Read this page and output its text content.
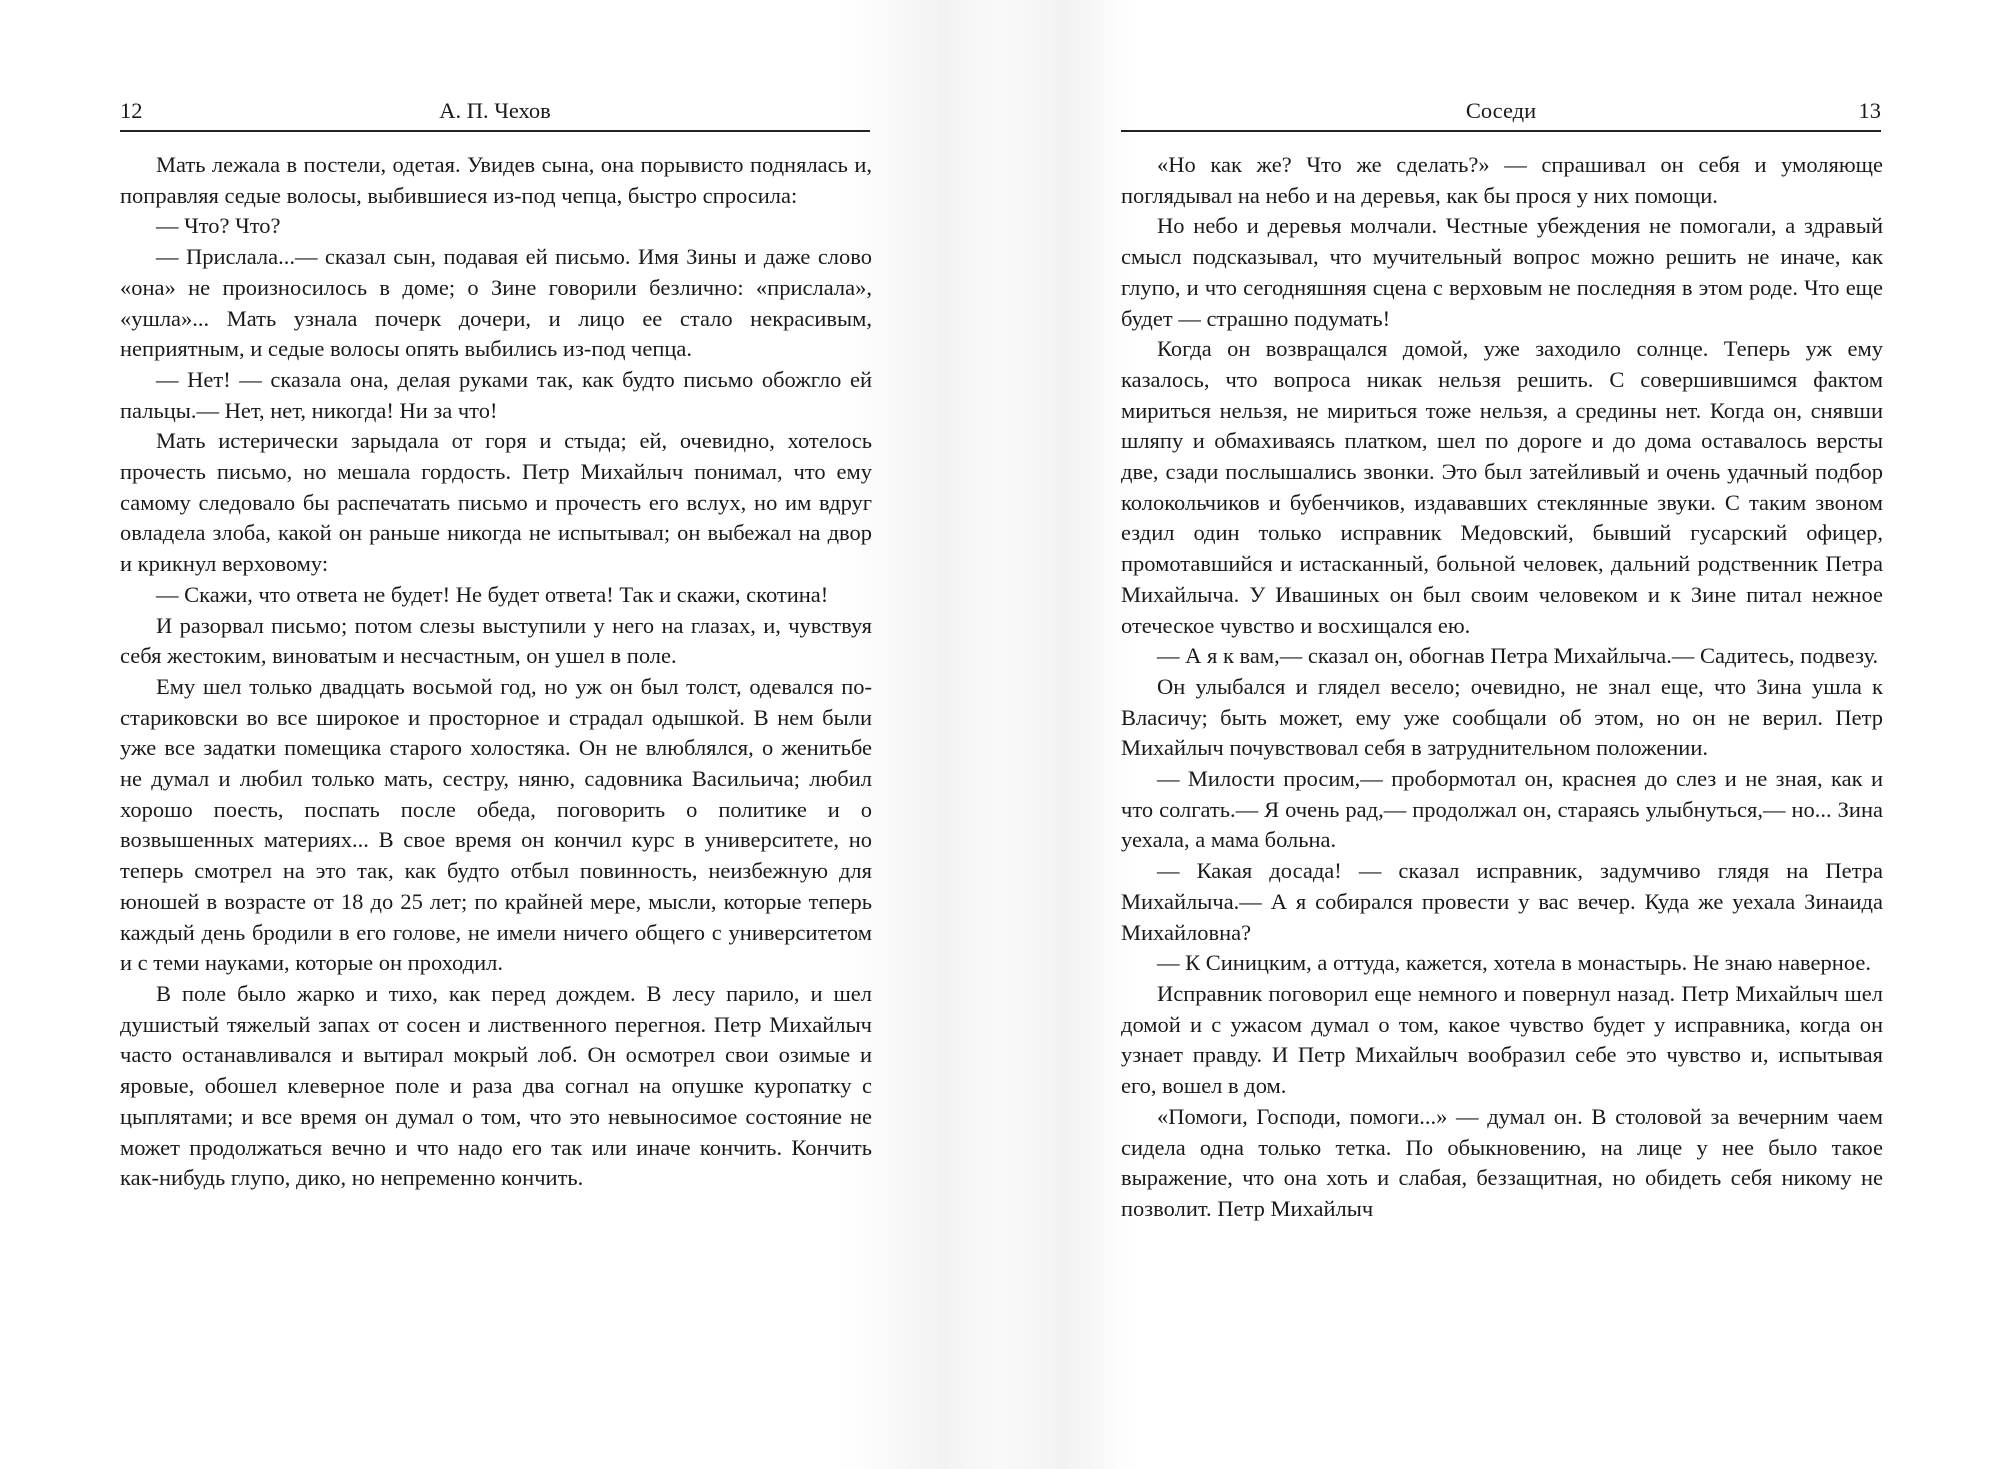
12	А. П. Чехов

Мать лежала в постели, одетая. Увидев сына, она порывисто поднялась и, поправляя седые волосы, выбившиеся из-под чепца, быстро спросила:

— Что? Что?

— Прислала...— сказал сын, подавая ей письмо. Имя Зины и даже слово «она» не произносилось в доме; о Зине говорили безлично: «прислала», «ушла»... Мать узнала почерк дочери, и лицо ее стало некрасивым, неприятным, и седые волосы опять выбились из-под чепца.

— Нет! — сказала она, делая руками так, как будто письмо обожгло ей пальцы.— Нет, нет, никогда! Ни за что!

Мать истерически зарыдала от горя и стыда; ей, очевидно, хотелось прочесть письмо, но мешала гордость. Петр Михайлыч понимал, что ему самому следовало бы распечатать письмо и прочесть его вслух, но им вдруг овладела злоба, какой он раньше никогда не испытывал; он выбежал на двор и крикнул верховому:

— Скажи, что ответа не будет! Не будет ответа! Так и скажи, скотина!

И разорвал письмо; потом слезы выступили у него на глазах, и, чувствуя себя жестоким, виноватым и несчастным, он ушел в поле.

Ему шел только двадцать восьмой год, но уж он был толст, одевался по-стариковски во все широкое и просторное и страдал одышкой. В нем были уже все задатки помещика старого холостяка. Он не влюблялся, о женитьбе не думал и любил только мать, сестру, няню, садовника Васильича; любил хорошо поесть, поспать после обеда, поговорить о политике и о возвышенных материях... В свое время он кончил курс в университете, но теперь смотрел на это так, как будто отбыл повинность, неизбежную для юношей в возрасте от 18 до 25 лет; по крайней мере, мысли, которые теперь каждый день бродили в его голове, не имели ничего общего с университетом и с теми науками, которые он проходил.

В поле было жарко и тихо, как перед дождем. В лесу парило, и шел душистый тяжелый запах от сосен и лиственного перегноя. Петр Михайлыч часто останавливался и вытирал мокрый лоб. Он осмотрел свои озимые и яровые, обошел клеверное поле и раза два согнал на опушке куропатку с цыплятами; и все время он думал о том, что это невыносимое состояние не может продолжаться вечно и что надо его так или иначе кончить. Кончить как-нибудь глупо, дико, но непременно кончить.

Соседи	13

«Но как же? Что же сделать?» — спрашивал он себя и умоляюще поглядывал на небо и на деревья, как бы прося у них помощи.

Но небо и деревья молчали. Честные убеждения не помогали, а здравый смысл подсказывал, что мучительный вопрос можно решить не иначе, как глупо, и что сегодняшняя сцена с верховым не последняя в этом роде. Что еще будет — страшно подумать!

Когда он возвращался домой, уже заходило солнце. Теперь уж ему казалось, что вопроса никак нельзя решить. С совершившимся фактом мириться нельзя, не мириться тоже нельзя, а средины нет. Когда он, снявши шляпу и обмахиваясь платком, шел по дороге и до дома оставалось версты две, сзади послышались звонки. Это был затейливый и очень удачный подбор колокольчиков и бубенчиков, издававших стеклянные звуки. С таким звоном ездил один только исправник Медовский, бывший гусарский офицер, промотавшийся и истасканный, больной человек, дальний родственник Петра Михайлыча. У Ивашиных он был своим человеком и к Зине питал нежное отеческое чувство и восхищался ею.

— А я к вам,— сказал он, обогнав Петра Михайлыча.— Садитесь, подвезу.

Он улыбался и глядел весело; очевидно, не знал еще, что Зина ушла к Власичу; быть может, ему уже сообщали об этом, но он не верил. Петр Михайлыч почувствовал себя в затруднительном положении.

— Милости просим,— пробормотал он, краснея до слез и не зная, как и что солгать.— Я очень рад,— продолжал он, стараясь улыбнуться,— но... Зина уехала, а мама больна.

— Какая досада! — сказал исправник, задумчиво глядя на Петра Михайлыча.— А я собирался провести у вас вечер. Куда же уехала Зинаида Михайловна?

— К Синицким, а оттуда, кажется, хотела в монастырь. Не знаю наверное.

Исправник поговорил еще немного и повернул назад. Петр Михайлыч шел домой и с ужасом думал о том, какое чувство будет у исправника, когда он узнает правду. И Петр Михайлыч вообразил себе это чувство и, испытывая его, вошел в дом.

«Помоги, Господи, помоги...» — думал он. В столовой за вечерним чаем сидела одна только тетка. По обыкновению, на лице у нее было такое выражение, что она хоть и слабая, беззащитная, но обидеть себя никому не позволит. Петр Михайлыч
